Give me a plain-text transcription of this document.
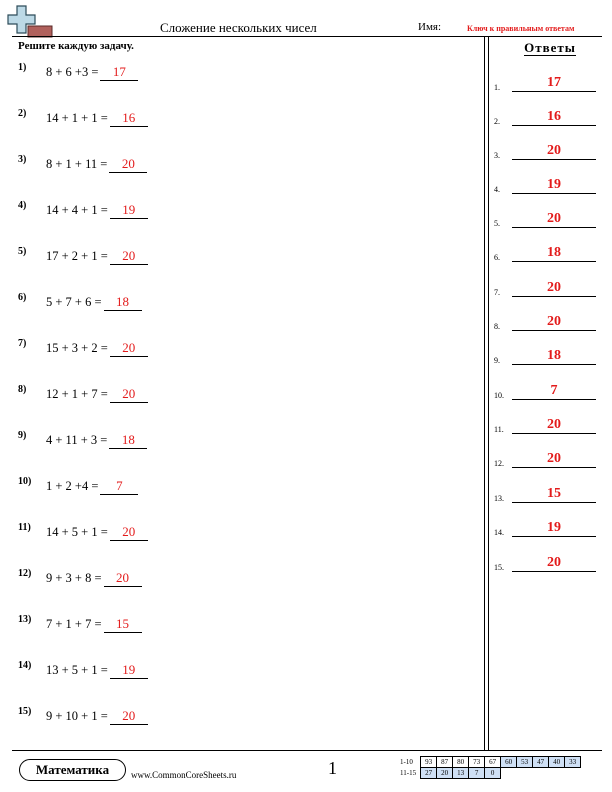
Сложение нескольких чисел	Имя:	Ключ к правильным ответам
Решите каждую задачу.
1) 8 + 6 +3 = 17
2) 14 + 1 + 1 = 16
3) 8 + 1 + 11 = 20
4) 14 + 4 + 1 = 19
5) 17 + 2 + 1 = 20
6) 5 + 7 + 6 = 18
7) 15 + 3 + 2 = 20
8) 12 + 1 + 7 = 20
9) 4 + 11 + 3 = 18
10) 1 + 2 +4 = 7
11) 14 + 5 + 1 = 20
12) 9 + 3 + 8 = 20
13) 7 + 1 + 7 = 15
14) 13 + 5 + 1 = 19
15) 9 + 10 + 1 = 20
Ответы
1.	17
2.	16
3.	20
4.	19
5.	20
6.	18
7.	20
8.	20
9.	18
10.	7
11.	20
12.	20
13.	15
14.	19
15.	20
Математика	www.CommonCoreSheets.ru	1	1-10	93	87	80	73	67	60	53	47	40	33
11-15	27	20	13	7	0					
